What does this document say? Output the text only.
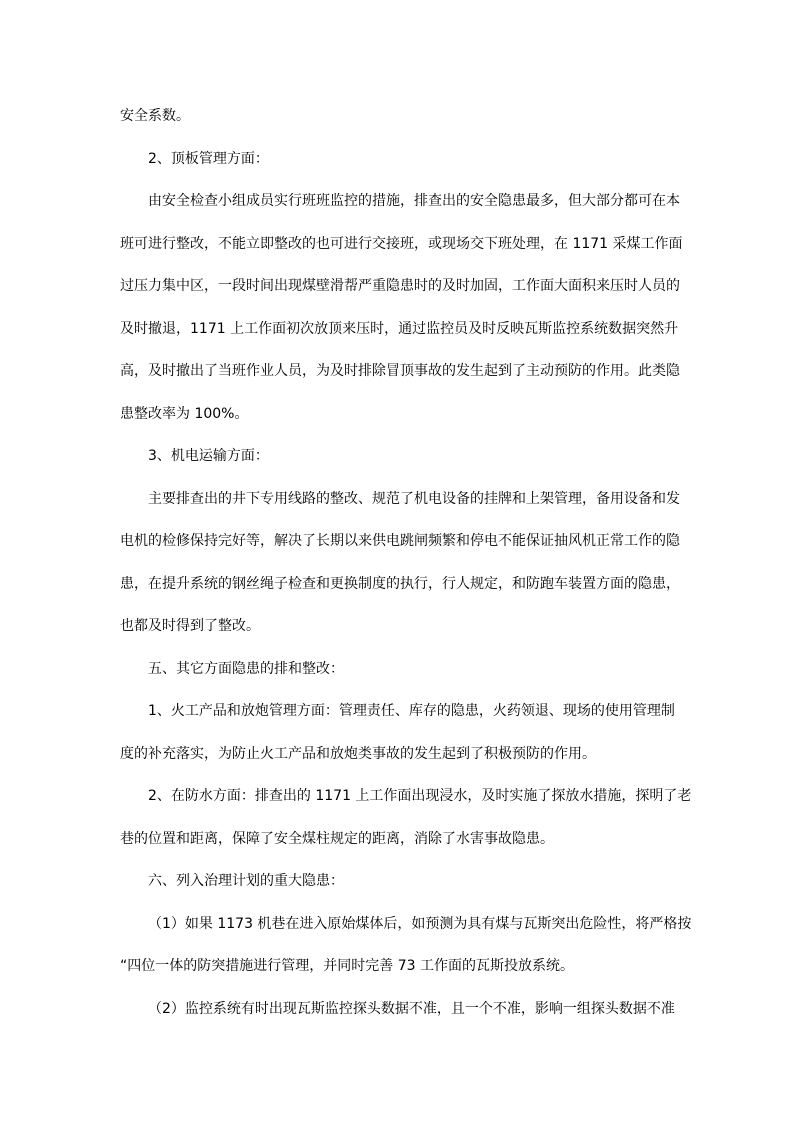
安全系数。
2、顶板管理方面：
由安全检查小组成员实行班班监控的措施，排查出的安全隐患最多，但大部分都可在本
班可进行整改，不能立即整改的也可进行交接班，或现场交下班处理，在 1171 采煤工作面
过压力集中区，一段时间出现煤壁滑帮严重隐患时的及时加固，工作面大面积来压时人员的
及时撤退，1171 上工作面初次放顶来压时，通过监控员及时反映瓦斯监控系统数据突然升
高，及时撤出了当班作业人员，为及时排除冒顶事故的发生起到了主动预防的作用。此类隐
患整改率为 100%。
3、机电运输方面：
主要排查出的井下专用线路的整改、规范了机电设备的挂牌和上架管理，备用设备和发
电机的检修保持完好等，解决了长期以来供电跳闸频繁和停电不能保证抽风机正常工作的隐
患，在提升系统的钢丝绳子检查和更换制度的执行，行人规定，和防跑车装置方面的隐患，
也都及时得到了整改。
五、其它方面隐患的排和整改：
1、火工产品和放炮管理方面：管理责任、库存的隐患，火药领退、现场的使用管理制
度的补充落实，为防止火工产品和放炮类事故的发生起到了积极预防的作用。
2、在防水方面：排查出的 1171 上工作面出现浸水，及时实施了探放水措施，探明了老
巷的位置和距离，保障了安全煤柱规定的距离，消除了水害事故隐患。
六、列入治理计划的重大隐患：
（1）如果 1173 机巷在进入原始煤体后，如预测为具有煤与瓦斯突出危险性，将严格按
“四位一体的防突措施进行管理，并同时完善 73 工作面的瓦斯投放系统。
（2）监控系统有时出现瓦斯监控探头数据不准，且一个不准，影响一组探头数据不准
